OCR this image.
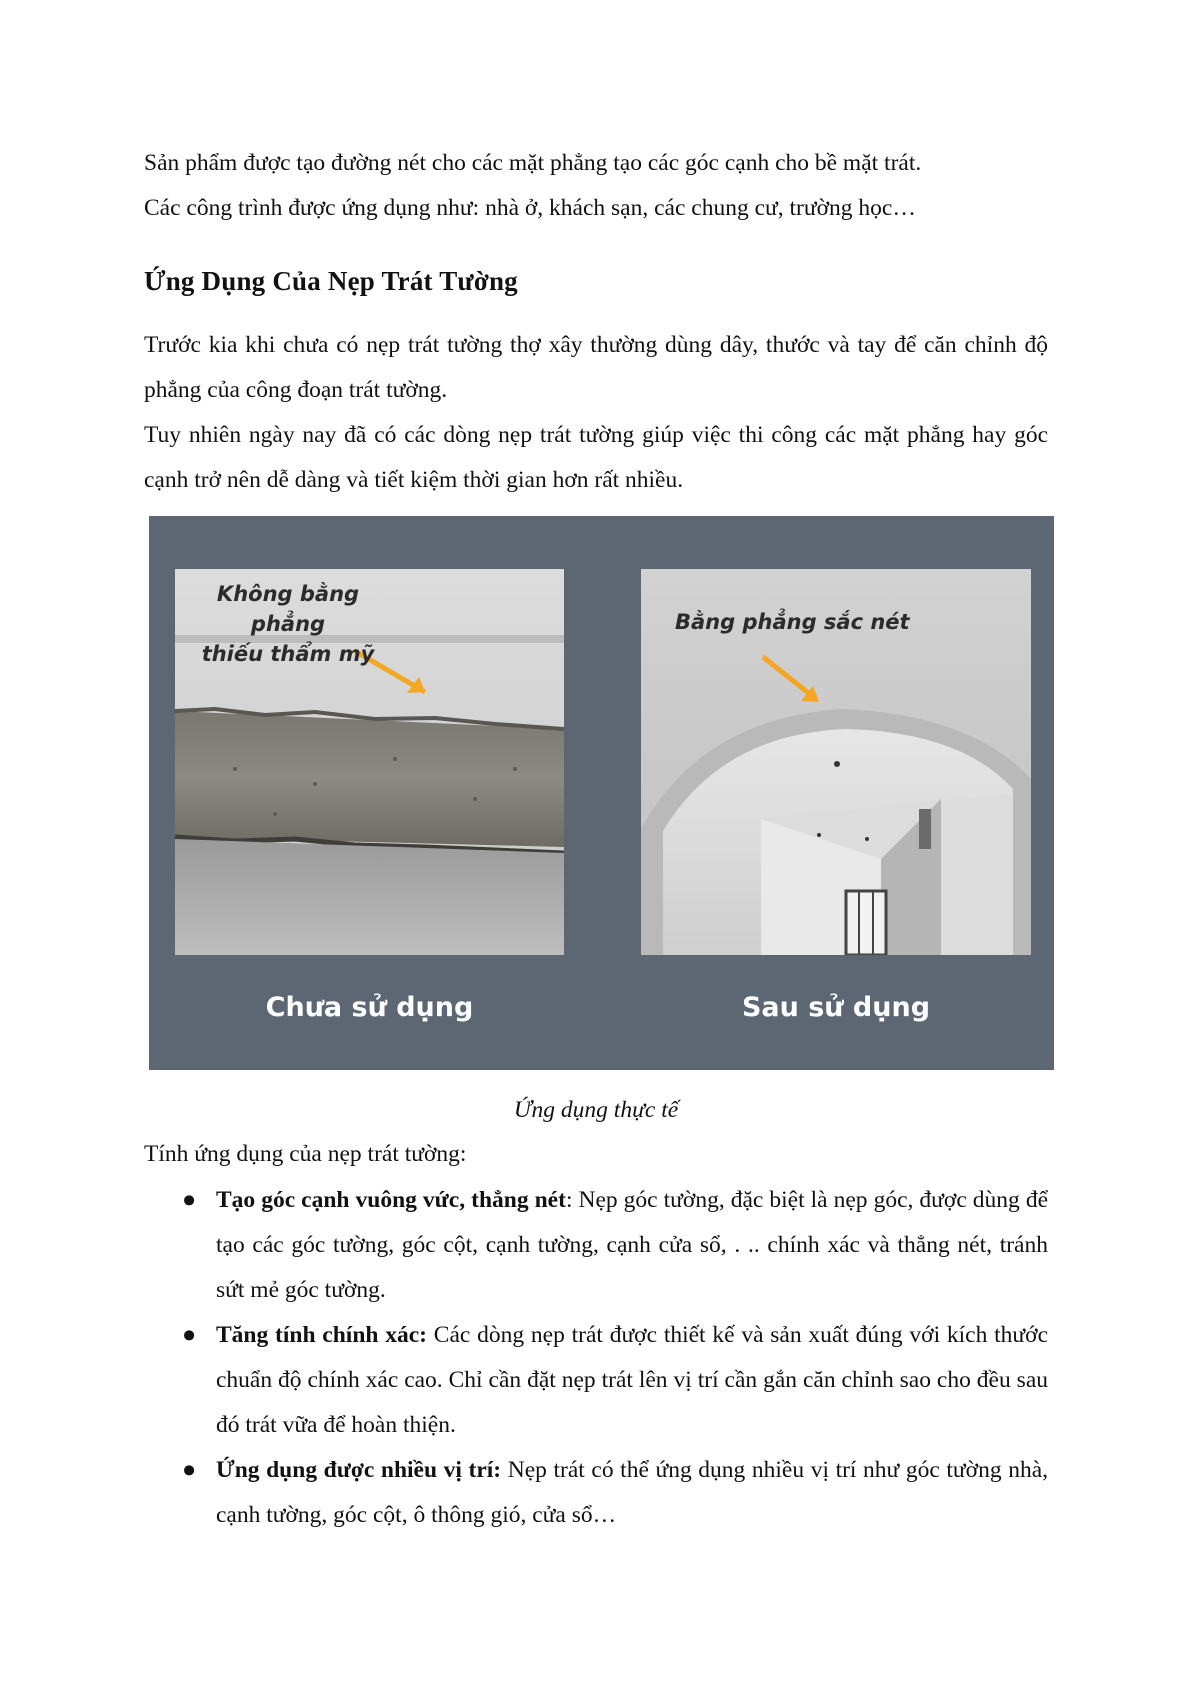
Sản phẩm được tạo đường nét cho các mặt phẳng tạo các góc cạnh cho bề mặt trát.

Các công trình được ứng dụng như: nhà ở, khách sạn, các chung cư, trường học…

Ứng Dụng Của Nẹp Trát Tường

Trước kia khi chưa có nẹp trát tường thợ xây thường dùng dây, thước và tay để căn chỉnh độ phẳng của công đoạn trát tường.

Tuy nhiên ngày nay đã có các dòng nẹp trát tường giúp việc thi công các mặt phẳng hay góc cạnh trở nên dễ dàng và tiết kiệm thời gian hơn rất nhiều.

Không bằng phẳng
thiếu thẩm mỹ
Bằng phẳng sắc nét
Chưa sử dụng	Sau sử dụng
Ứng dụng thực tế
Tính ứng dụng của nẹp trát tường:
● Tạo góc cạnh vuông vức, thẳng nét: Nẹp góc tường, đặc biệt là nẹp góc, được dùng để tạo các góc tường, góc cột, cạnh tường, cạnh cửa sổ, . .. chính xác và thẳng nét, tránh sứt mẻ góc tường.
● Tăng tính chính xác: Các dòng nẹp trát được thiết kế và sản xuất đúng với kích thước chuẩn độ chính xác cao. Chỉ cần đặt nẹp trát lên vị trí cần gắn căn chỉnh sao cho đều sau đó trát vữa để hoàn thiện.
● Ứng dụng được nhiều vị trí: Nẹp trát có thể ứng dụng nhiều vị trí như góc tường nhà, cạnh tường, góc cột, ô thông gió, cửa sổ…
